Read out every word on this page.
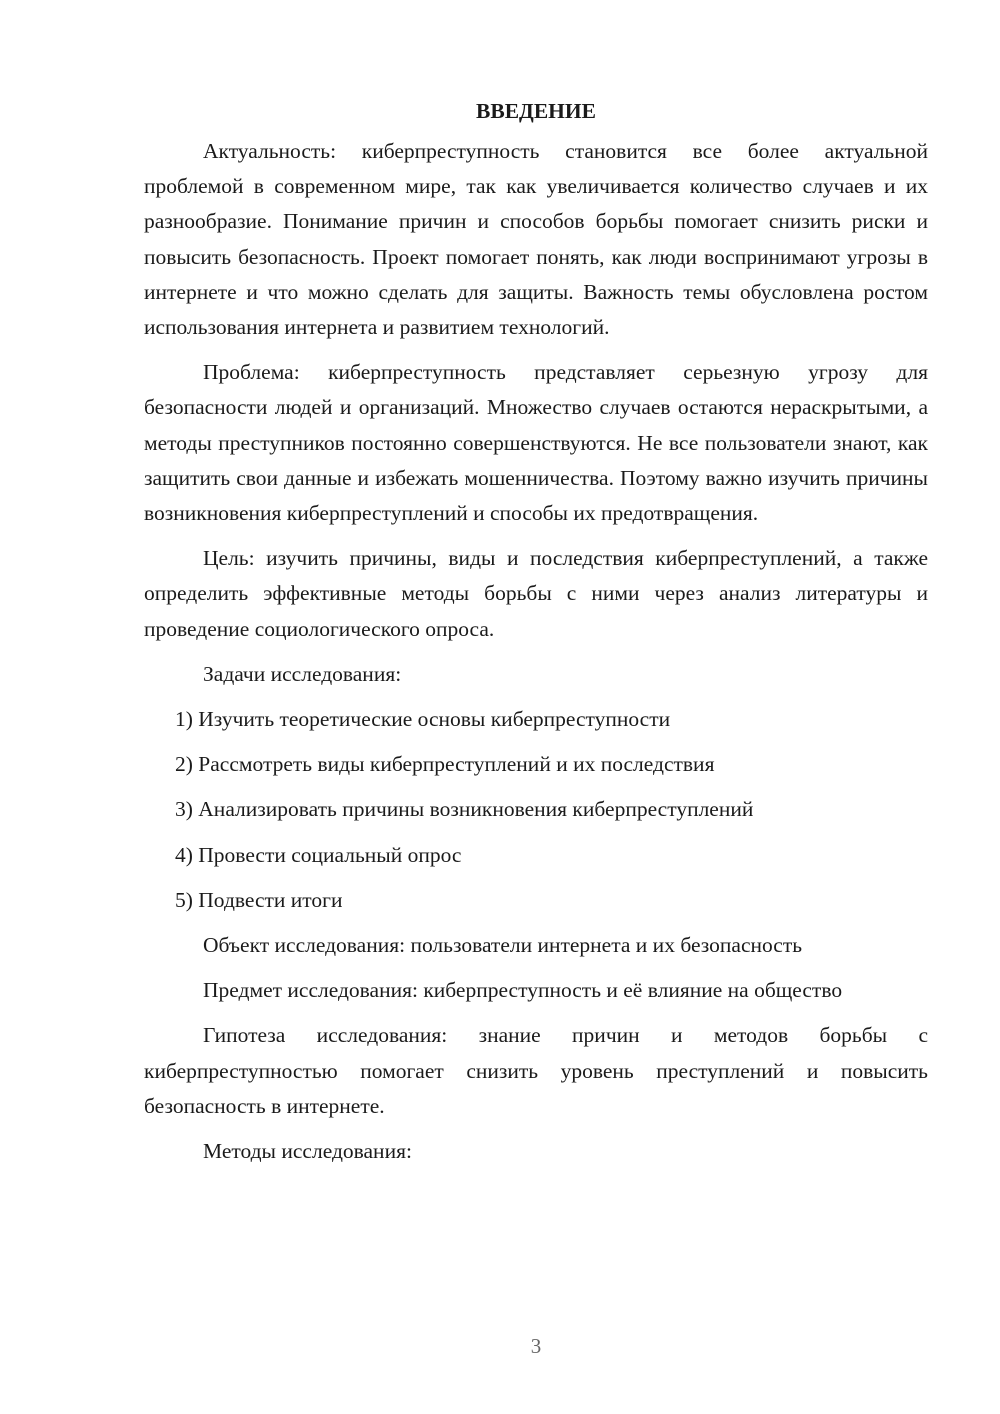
ВВЕДЕНИЕ

Актуальность: киберпреступность становится все более актуальной проблемой в современном мире, так как увеличивается количество случаев и их разнообразие. Понимание причин и способов борьбы помогает снизить риски и повысить безопасность. Проект помогает понять, как люди воспринимают угрозы в интернете и что можно сделать для защиты. Важность темы обусловлена ростом использования интернета и развитием технологий.

Проблема: киберпреступность представляет серьезную угрозу для безопасности людей и организаций. Множество случаев остаются нераскрытыми, а методы преступников постоянно совершенствуются. Не все пользователи знают, как защитить свои данные и избежать мошенничества. Поэтому важно изучить причины возникновения киберпреступлений и способы их предотвращения.

Цель: изучить причины, виды и последствия киберпреступлений, а также определить эффективные методы борьбы с ними через анализ литературы и проведение социологического опроса.

Задачи исследования:

1) Изучить теоретические основы киберпреступности

2) Рассмотреть виды киберпреступлений и их последствия

3) Анализировать причины возникновения киберпреступлений

4) Провести социальный опрос

5) Подвести итоги

Объект исследования: пользователи интернета и их безопасность

Предмет исследования: киберпреступность и её влияние на общество

Гипотеза исследования: знание причин и методов борьбы с киберпреступностью помогает снизить уровень преступлений и повысить безопасность в интернете.

Методы исследования:

3
